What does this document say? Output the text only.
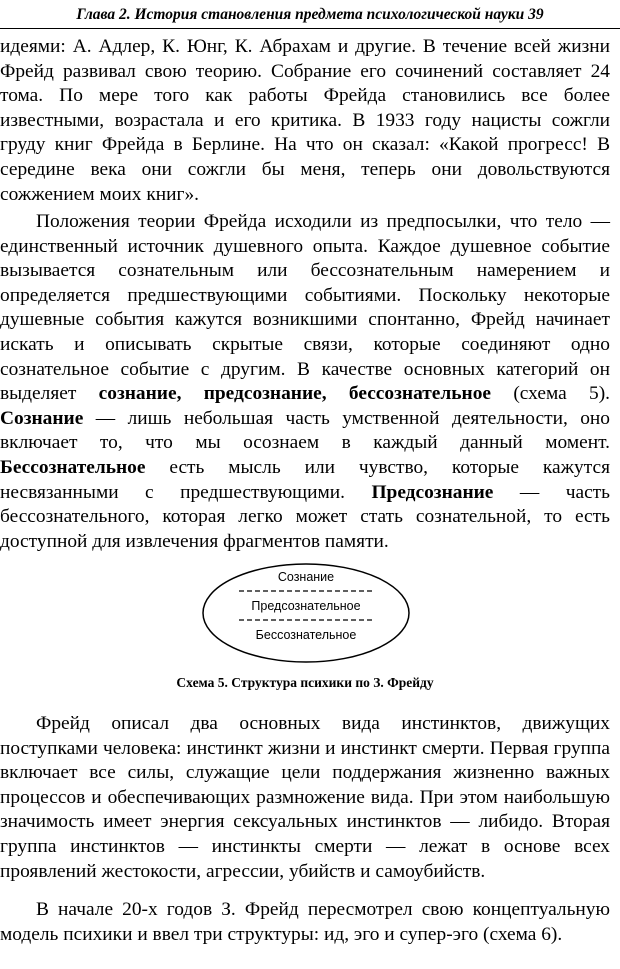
Глава 2. История становления предмета психологической науки 39
идеями: А. Адлер, К. Юнг, К. Абрахам и другие. В течение всей жизни Фрейд развивал свою теорию. Собрание его сочинений составляет 24 тома. По мере того как работы Фрейда становились все более известными, возрастала и его критика. В 1933 году нацисты сожгли груду книг Фрейда в Берлине. На что он сказал: «Какой прогресс! В середине века они сожгли бы меня, теперь они довольствуются сожжением моих книг».
Положения теории Фрейда исходили из предпосылки, что тело — единственный источник душевного опыта. Каждое душевное событие вызывается сознательным или бессознательным намерением и определяется предшествующими событиями. Поскольку некоторые душевные события кажутся возникшими спонтанно, Фрейд начинает искать и описывать скрытые связи, которые соединяют одно сознательное событие с другим. В качестве основных категорий он выделяет сознание, предсознание, бессознательное (схема 5). Сознание — лишь небольшая часть умственной деятельности, оно включает то, что мы осознаем в каждый данный момент. Бессознательное есть мысль или чувство, которые кажутся несвязанными с предшествующими. Предсознание — часть бессознательного, которая легко может стать сознательной, то есть доступной для извлечения фрагментов памяти.
Сознание
Предсознательное
Бессознательное
Схема 5. Структура психики по З. Фрейду
Фрейд описал два основных вида инстинктов, движущих поступками человека: инстинкт жизни и инстинкт смерти. Первая группа включает все силы, служащие цели поддержания жизненно важных процессов и обеспечивающих размножение вида. При этом наибольшую значимость имеет энергия сексуальных инстинктов — либидо. Вторая группа инстинктов — инстинкты смерти — лежат в основе всех проявлений жестокости, агрессии, убийств и самоубийств.
В начале 20-х годов З. Фрейд пересмотрел свою концептуальную модель психики и ввел три структуры: ид, эго и супер-эго (схема 6).
